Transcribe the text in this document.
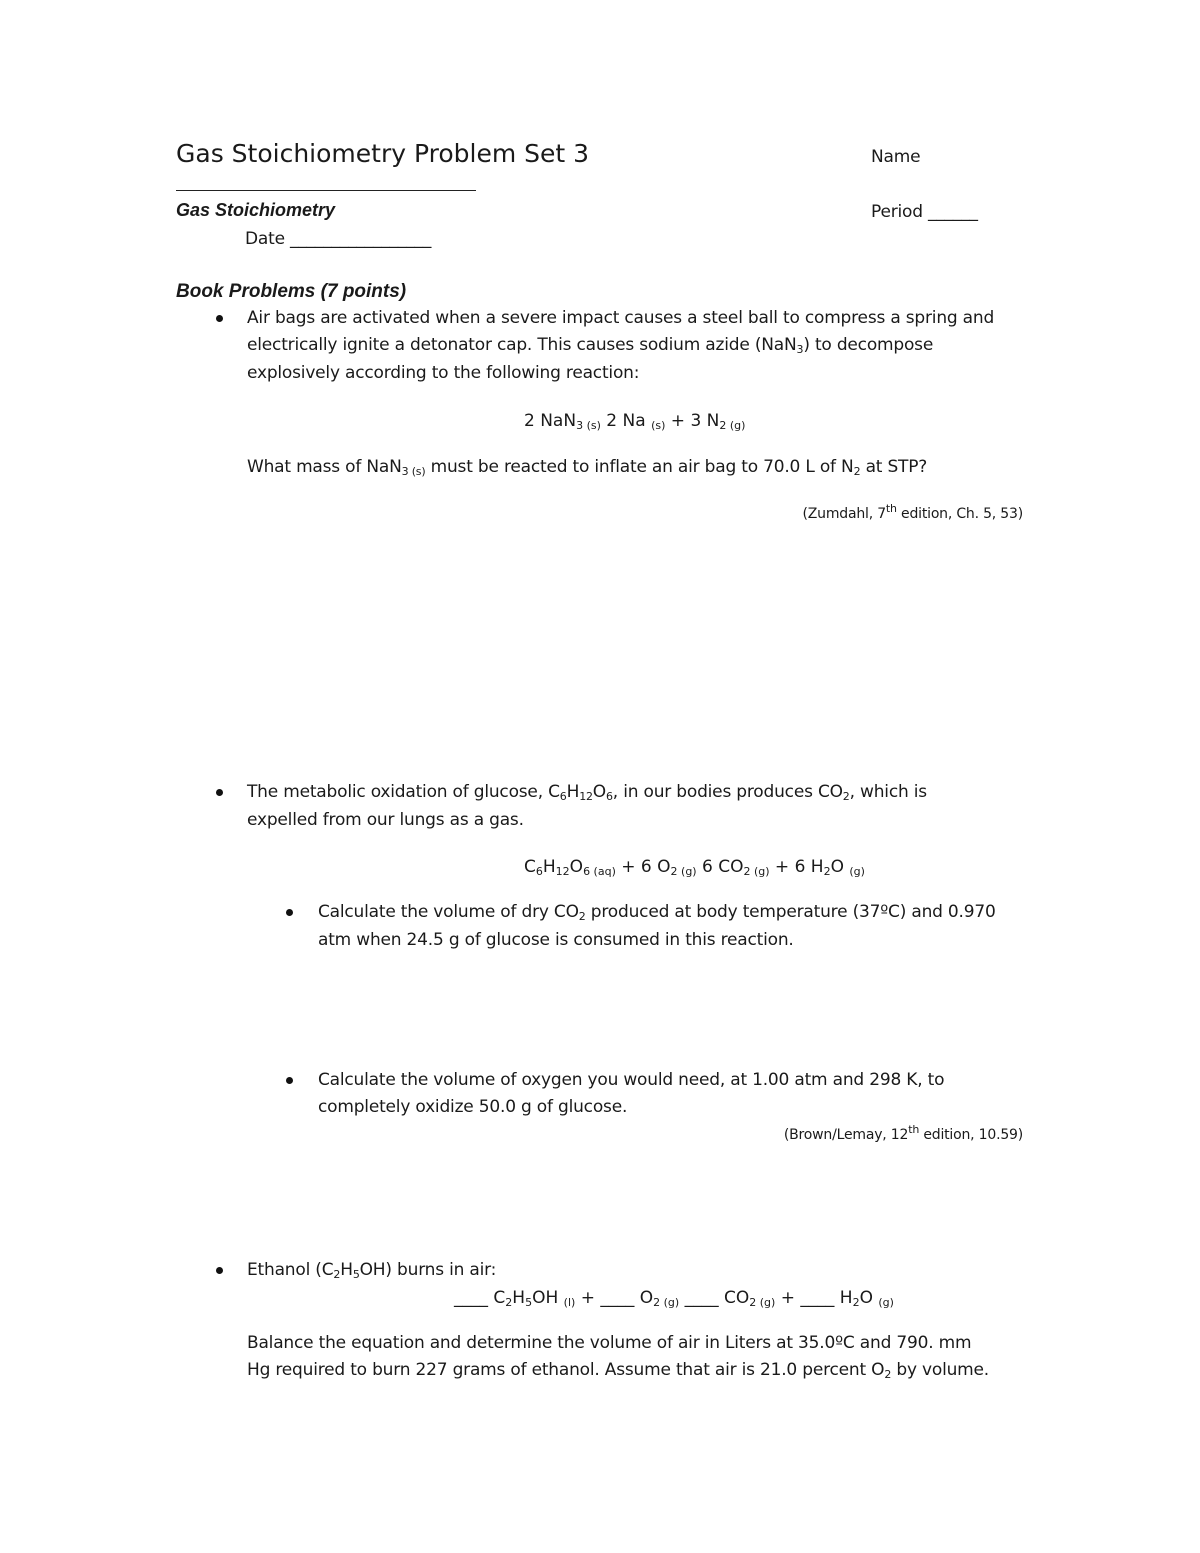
Gas Stoichiometry Problem Set 3	Name
Gas Stoichiometry	Period ______
Date _________________
Book Problems (7 points)
Air bags are activated when a severe impact causes a steel ball to compress a spring and
electrically ignite a detonator cap. This causes sodium azide (NaN$_3$) to decompose
explosively according to the following reaction:
2 NaN$_{3 (s)}$ 2 Na $_{(s)}$ + 3 $N_{2 (g)}$
What mass of NaN$_{3 (s)}$ must be reacted to inflate an air bag to 70.0 L of $N_2$ at STP?
(Zumdahl, 7th edition, Ch. 5, 53)
The metabolic oxidation of glucose, $C_6H_{12}O_6$, in our bodies produces $CO_2$, which is
expelled from our lungs as a gas.
$C_6H_{12}O_{6 (aq)} + 6$ $O_{2 (g)}$ 6 $CO_{2 (g)} + 6$ $H_2O$ $_{(g)}$
Calculate the volume of dry $CO_2$ produced at body temperature (37ºC) and 0.970
atm when 24.5 g of glucose is consumed in this reaction.
Calculate the volume of oxygen you would need, at 1.00 atm and 298 K, to
completely oxidize 50.0 g of glucose.
(Brown/Lemay, 12th edition, 10.59)
Ethanol $(C_2H_5OH)$ burns in air:
____ $C_2H_5OH$ $_{(l)}$ + ____ $O_{2 (g)}$ ____ $CO_{2 (g)}$ + ____ $H_2O$ $_{(g)}$
Balance the equation and determine the volume of air in Liters at 35.0ºC and 790. mm
Hg required to burn 227 grams of ethanol. Assume that air is 21.0 percent $O_2$ by volume.
